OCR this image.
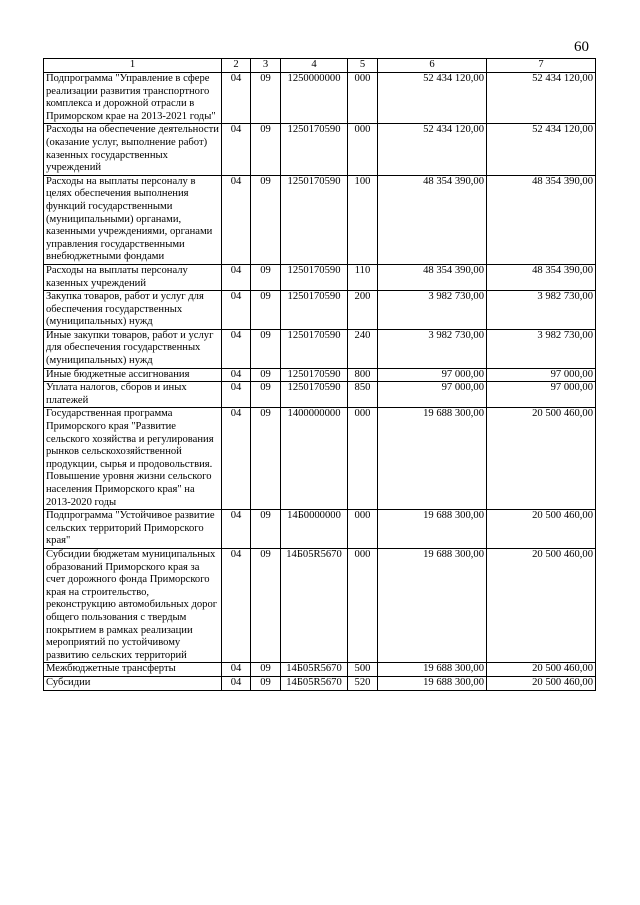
60
1	2	3	4	5	6	7
Подпрограмма "Управление в сфере реализации развития транспортного комплекса и дорожной отрасли в Приморском крае на 2013-2021 годы"	04	09	1250000000	000	52 434 120,00	52 434 120,00
Расходы на обеспечение деятельности (оказание услуг, выполнение работ) казенных государственных учреждений	04	09	1250170590	000	52 434 120,00	52 434 120,00
Расходы на выплаты персоналу в целях обеспечения выполнения функций государственными (муниципальными) органами, казенными учреждениями, органами управления государственными внебюджетными фондами	04	09	1250170590	100	48 354 390,00	48 354 390,00
Расходы на выплаты персоналу казенных учреждений	04	09	1250170590	110	48 354 390,00	48 354 390,00
Закупка товаров, работ и услуг для обеспечения государственных (муниципальных) нужд	04	09	1250170590	200	3 982 730,00	3 982 730,00
Иные закупки товаров, работ и услуг для обеспечения государственных (муниципальных) нужд	04	09	1250170590	240	3 982 730,00	3 982 730,00
Иные бюджетные ассигнования	04	09	1250170590	800	97 000,00	97 000,00
Уплата налогов, сборов и иных платежей	04	09	1250170590	850	97 000,00	97 000,00
Государственная программа Приморского края "Развитие сельского хозяйства и регулирования рынков сельскохозяйственной продукции, сырья и продовольствия. Повышение уровня жизни сельского населения Приморского края" на 2013-2020 годы	04	09	1400000000	000	19 688 300,00	20 500 460,00
Подпрограмма "Устойчивое развитие сельских территорий Приморского края"	04	09	14Б0000000	000	19 688 300,00	20 500 460,00
Субсидии бюджетам муниципальных образований Приморского края за счет дорожного фонда Приморского края на строительство, реконструкцию автомобильных дорог общего пользования с твердым покрытием в рамках реализации мероприятий по устойчивому развитию сельских территорий	04	09	14Б05R5670	000	19 688 300,00	20 500 460,00
Межбюджетные трансферты	04	09	14Б05R5670	500	19 688 300,00	20 500 460,00
Субсидии	04	09	14Б05R5670	520	19 688 300,00	20 500 460,00
